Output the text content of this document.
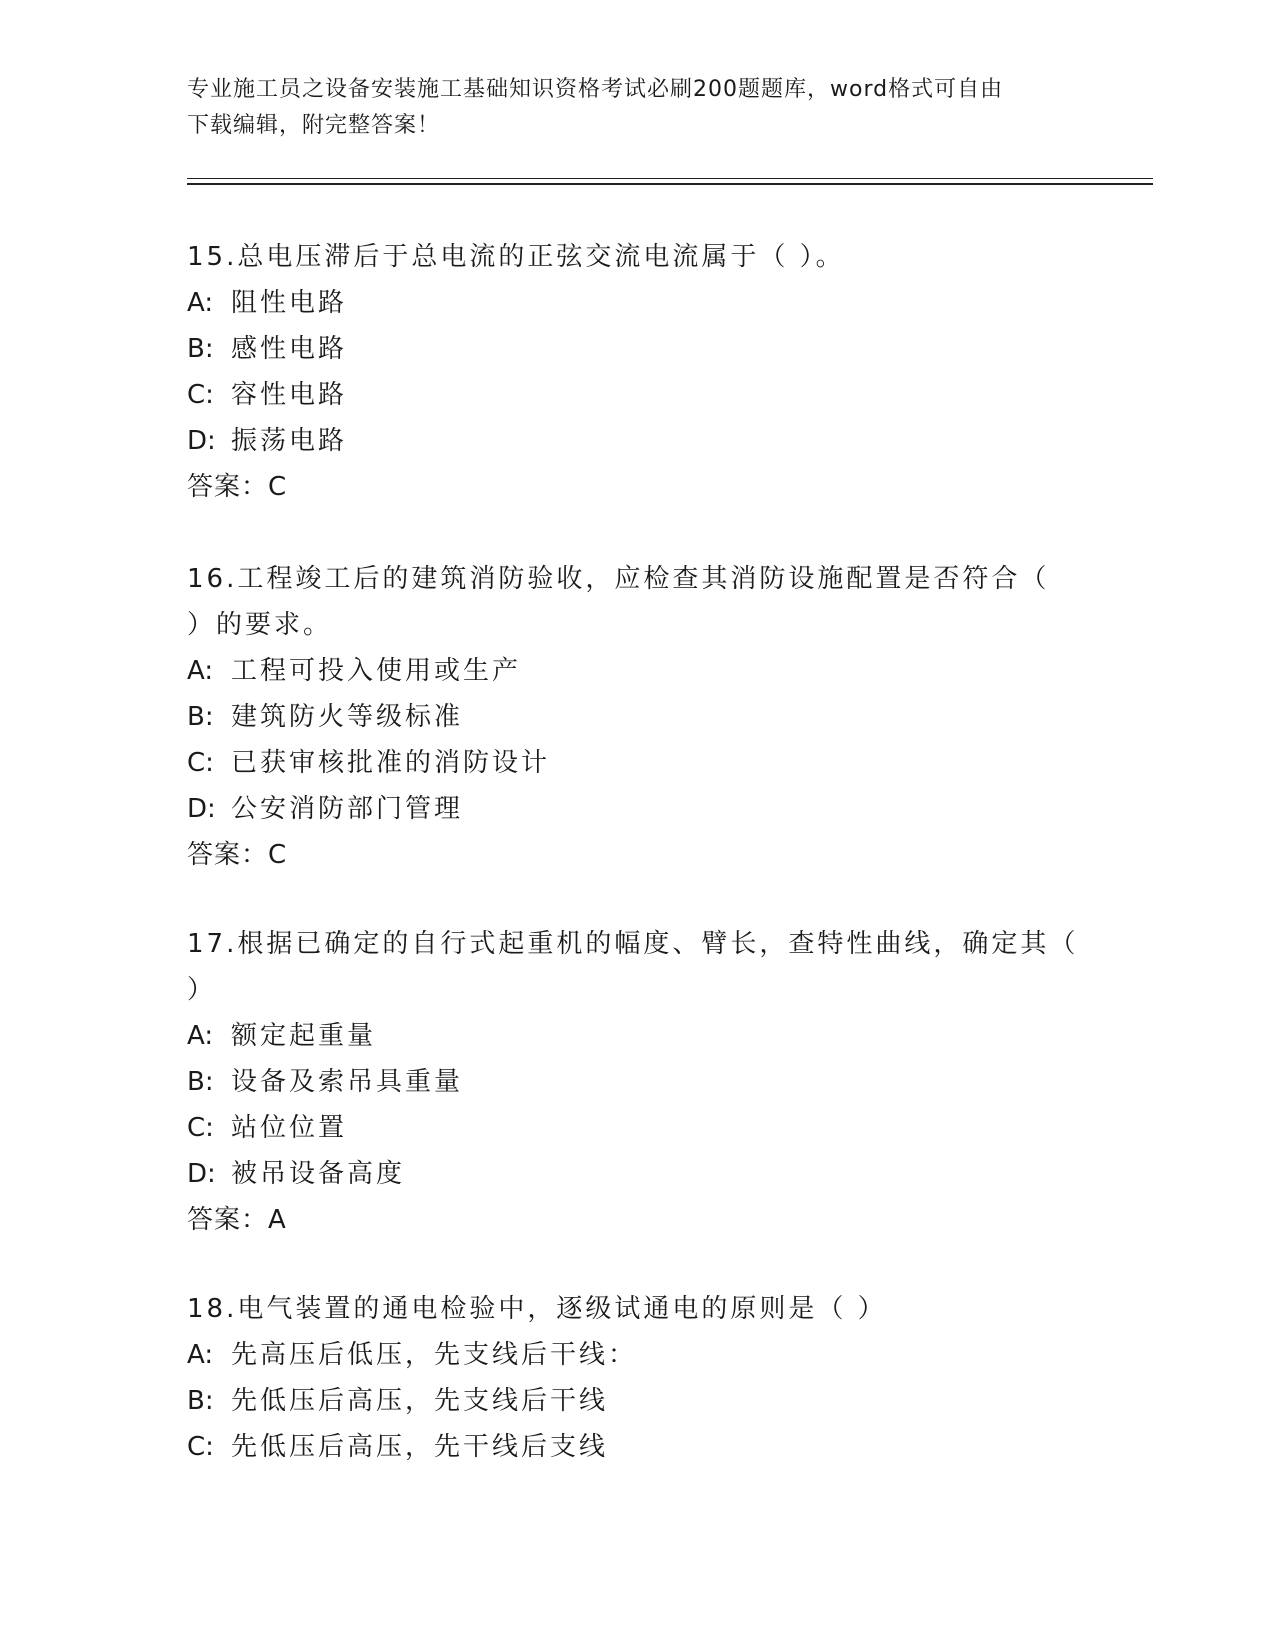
专业施工员之设备安装施工基础知识资格考试必刷200题题库，word格式可自由
下载编辑，附完整答案！
15.总电压滞后于总电流的正弦交流电流属于（ ）。
A: 阻性电路
B: 感性电路
C: 容性电路
D: 振荡电路
答案：C
16.工程竣工后的建筑消防验收，应检查其消防设施配置是否符合（
）的要求。
A: 工程可投入使用或生产
B: 建筑防火等级标准
C: 已获审核批准的消防设计
D: 公安消防部门管理
答案：C
17.根据已确定的自行式起重机的幅度、臂长，查特性曲线，确定其（
）
A: 额定起重量
B: 设备及索吊具重量
C: 站位位置
D: 被吊设备高度
答案：A
18.电气装置的通电检验中，逐级试通电的原则是（ ）
A: 先高压后低压，先支线后干线：
B: 先低压后高压，先支线后干线
C: 先低压后高压，先干线后支线
